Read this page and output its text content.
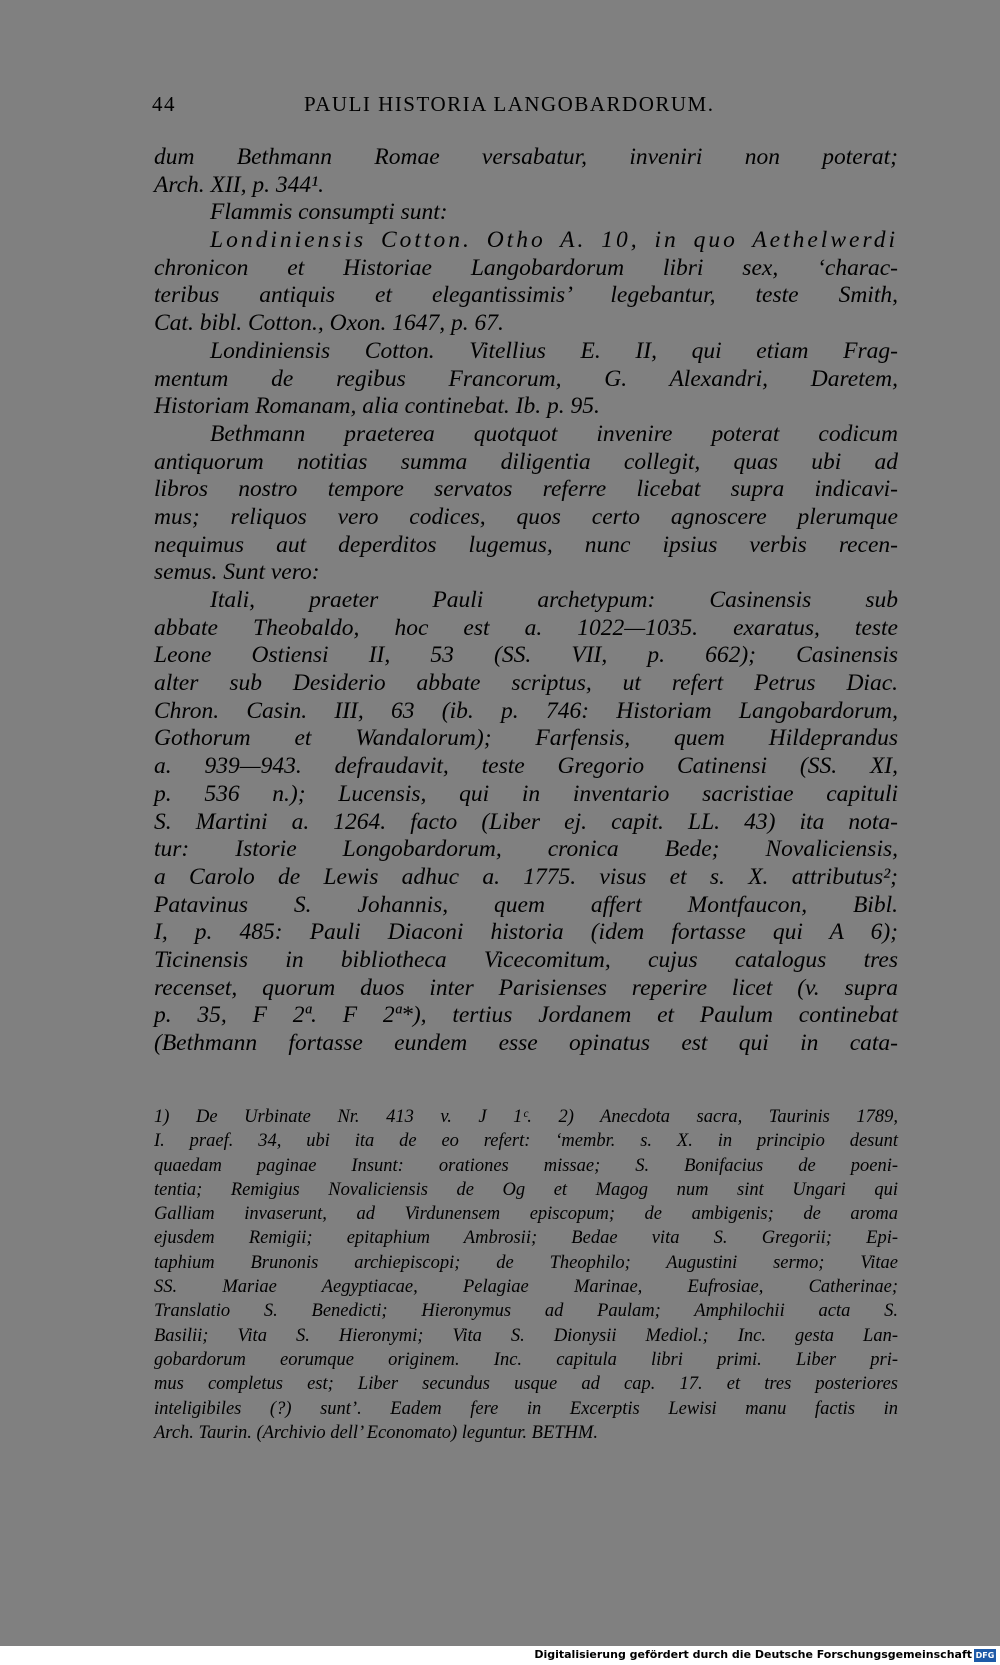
44	PAULI HISTORIA LANGOBARDORUM.
dum Bethmann Romae versabatur, inveniri non poterat;
Arch. XII, p. 344¹.
Flammis consumpti sunt:
Londiniensis Cotton. Otho A. 10, in quo Aethelwerdi
chronicon et Historiae Langobardorum libri sex, ‘charac-
teribus antiquis et elegantissimis’ legebantur, teste Smith,
Cat. bibl. Cotton., Oxon. 1647, p. 67.
Londiniensis Cotton. Vitellius E. II, qui etiam Frag-
mentum de regibus Francorum, G. Alexandri, Daretem,
Historiam Romanam, alia continebat. Ib. p. 95.
Bethmann praeterea quotquot invenire poterat codicum
antiquorum notitias summa diligentia collegit, quas ubi ad
libros nostro tempore servatos referre licebat supra indicavi-
mus; reliquos vero codices, quos certo agnoscere plerumque
nequimus aut deperditos lugemus, nunc ipsius verbis recen-
semus. Sunt vero:
Itali, praeter Pauli archetypum: Casinensis sub
abbate Theobaldo, hoc est a. 1022—1035. exaratus, teste
Leone Ostiensi II, 53 (SS. VII, p. 662); Casinensis
alter sub Desiderio abbate scriptus, ut refert Petrus Diac.
Chron. Casin. III, 63 (ib. p. 746: Historiam Langobardorum,
Gothorum et Wandalorum); Farfensis, quem Hildeprandus
a. 939—943. defraudavit, teste Gregorio Catinensi (SS. XI,
p. 536 n.); Lucensis, qui in inventario sacristiae capituli
S. Martini a. 1264. facto (Liber ej. capit. LL. 43) ita nota-
tur: Istorie Longobardorum, cronica Bede; Novaliciensis,
a Carolo de Lewis adhuc a. 1775. visus et s. X. attributus²;
Patavinus S. Johannis, quem affert Montfaucon, Bibl.
I, p. 485: Pauli Diaconi historia (idem fortasse qui A 6);
Ticinensis in bibliotheca Vicecomitum, cujus catalogus tres
recenset, quorum duos inter Parisienses reperire licet (v. supra
p. 35, F 2ª. F 2ª*), tertius Jordanem et Paulum continebat
(Bethmann fortasse eundem esse opinatus est qui in cata-
1) De Urbinate Nr. 413 v. J 1ᶜ. 2) Anecdota sacra, Taurinis 1789,
I. praef. 34, ubi ita de eo refert: ‘membr. s. X. in principio desunt
quaedam paginae Insunt: orationes missae; S. Bonifacius de poeni-
tentia; Remigius Novaliciensis de Og et Magog num sint Ungari qui
Galliam invaserunt, ad Virdunensem episcopum; de ambigenis; de aroma
ejusdem Remigii; epitaphium Ambrosii; Bedae vita S. Gregorii; Epi-
taphium Brunonis archiepiscopi; de Theophilo; Augustini sermo; Vitae
SS. Mariae Aegyptiacae, Pelagiae Marinae, Eufrosiae, Catherinae;
Translatio S. Benedicti; Hieronymus ad Paulam; Amphilochii acta S.
Basilii; Vita S. Hieronymi; Vita S. Dionysii Mediol.; Inc. gesta Lan-
gobardorum eorumque originem. Inc. capitula libri primi. Liber pri-
mus completus est; Liber secundus usque ad cap. 17. et tres posteriores
inteligibiles (?) sunt’. Eadem fere in Excerptis Lewisi manu factis in
Arch. Taurin. (Archivio dell’ Economato) leguntur. BETHM.
Digitalisierung gefördert durch die Deutsche Forschungsgemeinschaft DFG
